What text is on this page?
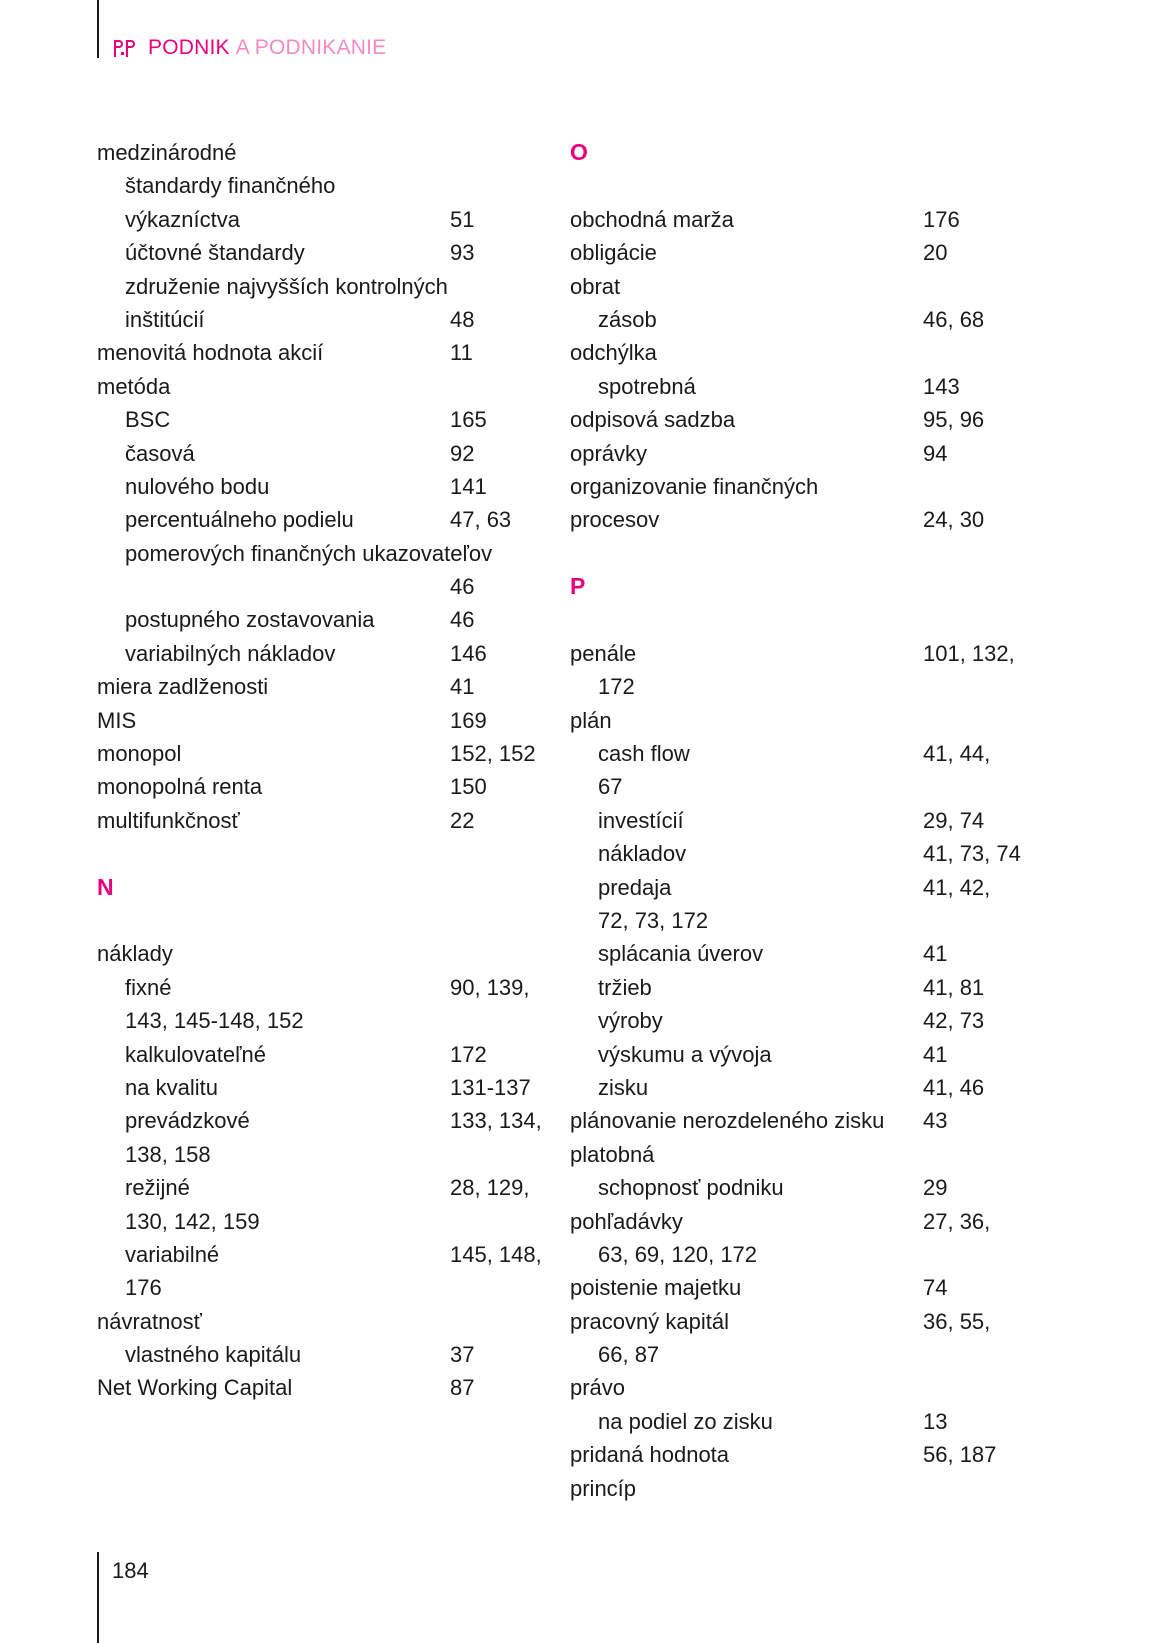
PODNIK A PODNIKANIE
medzinárodné
štandardy finančného
výkazníctva	51
účtovné štandardy	93
združenie najvyšších kontrolných
inštitúcií	48
menovitá hodnota akcií	11
metóda
BSC	165
časová	92
nulového bodu	141
percentuálneho podielu	47, 63
pomerových finančných ukazovateľov
46
postupného zostavovania	46
variabilných nákladov	146
miera zadlženosti	41
MIS	169
monopol	152, 152
monopolná renta	150
multifunkčnosť	22
N
náklady
fixné	90, 139,
143, 145-148, 152
kalkulovateľné	172
na kvalitu	131-137
prevádzkové	133, 134,
138, 158
režijné	28, 129,
130, 142, 159
variabilné	145, 148,
176
návratnosť
vlastného kapitálu	37
Net Working Capital	87
O
obchodná marža	176
obligácie	20
obrat
zásob	46, 68
odchýlka
spotrebná	143
odpisová sadzba	95, 96
oprávky	94
organizovanie finančných
procesov	24, 30
P
penále	101, 132,
172
plán
cash flow	41, 44,
67
investícií	29, 74
nákladov	41, 73, 74
predaja	41, 42,
72, 73, 172
splácania úverov	41
tržieb	41, 81
výroby	42, 73
výskumu a vývoja	41
zisku	41, 46
plánovanie nerozdeleného zisku 43
platobná
schopnosť podniku	29
pohľadávky	27, 36,
63, 69, 120, 172
poistenie majetku	74
pracovný kapitál	36, 55,
66, 87
právo
na podiel zo zisku	13
pridaná hodnota	56, 187
princíp
184
